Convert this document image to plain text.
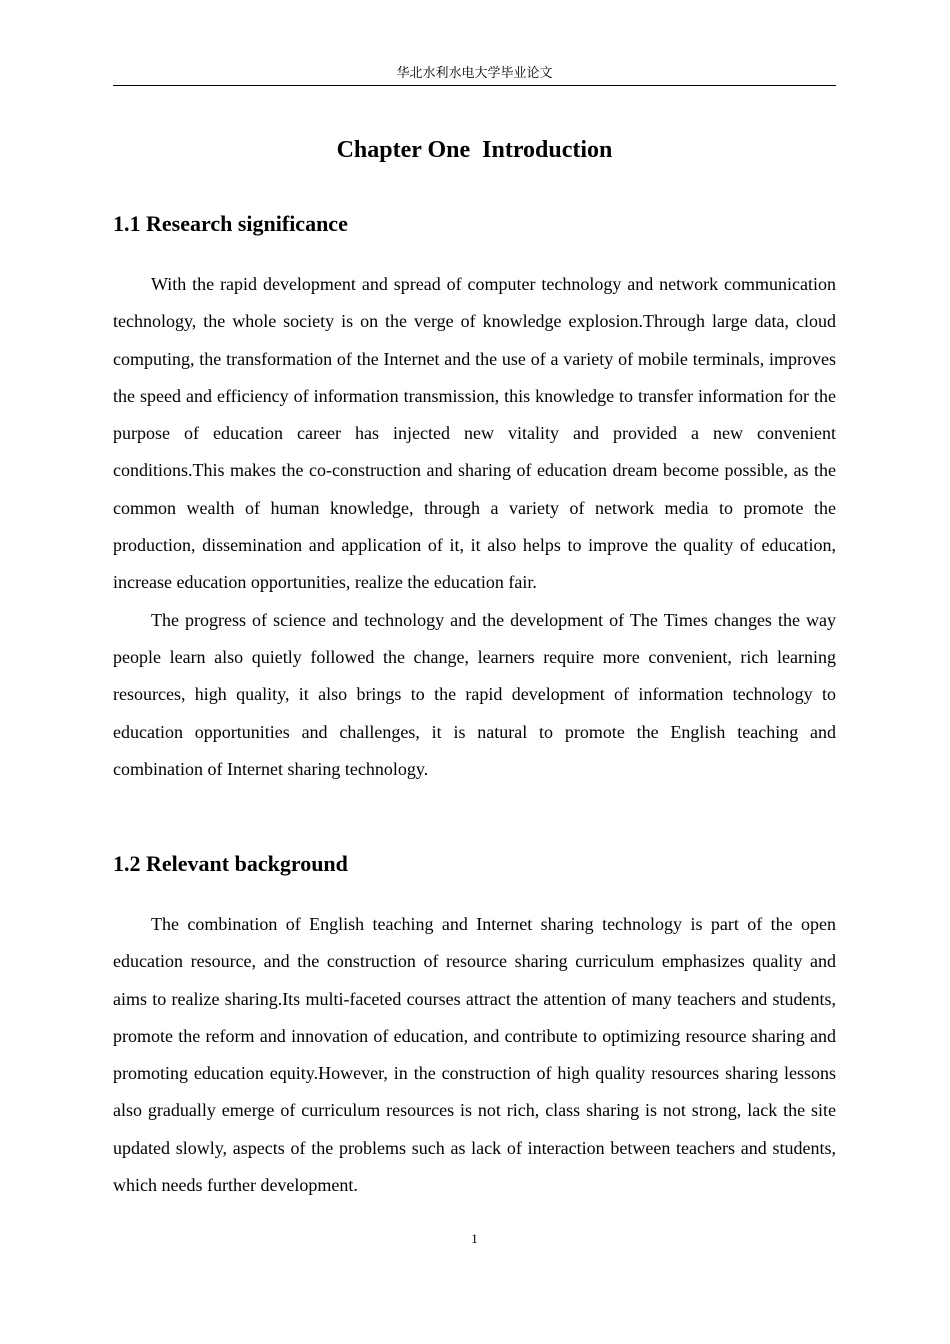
华北水利水电大学毕业论文
Chapter One  Introduction
1.1 Research significance

With the rapid development and spread of computer technology and network communication technology, the whole society is on the verge of knowledge explosion.Through large data, cloud computing, the transformation of the Internet and the use of a variety of mobile terminals, improves the speed and efficiency of information transmission, this knowledge to transfer information for the purpose of education career has injected new vitality and provided a new convenient conditions.This makes the co-construction and sharing of education dream become possible, as the common wealth of human knowledge, through a variety of network media to promote the production, dissemination and application of it, it also helps to improve the quality of education, increase education opportunities, realize the education fair.

The progress of science and technology and the development of The Times changes the way people learn also quietly followed the change, learners require more convenient, rich learning resources, high quality, it also brings to the rapid development of information technology to education opportunities and challenges, it is natural to promote the English teaching and combination of Internet sharing technology.

1.2 Relevant background

The combination of English teaching and Internet sharing technology is part of the open education resource, and the construction of resource sharing curriculum emphasizes quality and aims to realize sharing.Its multi-faceted courses attract the attention of many teachers and students, promote the reform and innovation of education, and contribute to optimizing resource sharing and promoting education equity.However, in the construction of high quality resources sharing lessons also gradually emerge of curriculum resources is not rich, class sharing is not strong, lack the site updated slowly, aspects of the problems such as lack of interaction between teachers and students, which needs further development.

1
